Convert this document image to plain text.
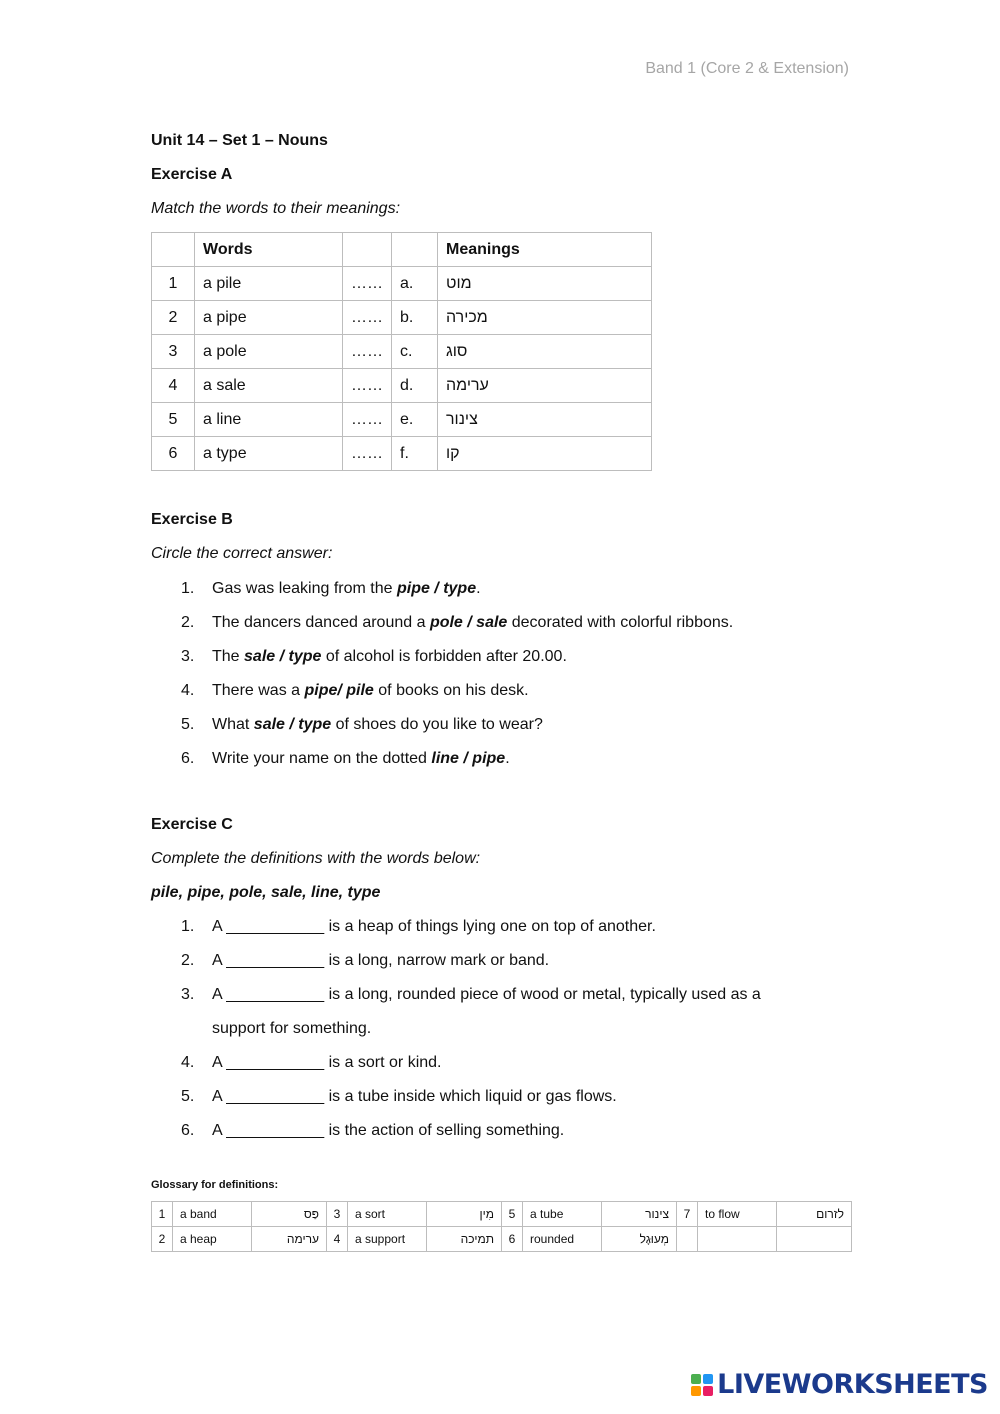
Band 1 (Core 2 & Extension)
Unit 14 – Set 1 – Nouns
Exercise A
Match the words to their meanings:
	Words			Meanings
1	a pile	……	a.	מוט
2	a pipe	……	b.	מכירה
3	a pole	……	c.	סוג
4	a sale	……	d.	ערימה
5	a line	……	e.	צינור
6	a type	……	f.	קו
Exercise B
Circle the correct answer:
1. Gas was leaking from the pipe / type.
2. The dancers danced around a pole / sale decorated with colorful ribbons.
3. The sale / type of alcohol is forbidden after 20.00.
4. There was a pipe/ pile of books on his desk.
5. What sale / type of shoes do you like to wear?
6. Write your name on the dotted line / pipe.
Exercise C
Complete the definitions with the words below:
pile, pipe, pole, sale, line, type
1. A ___________ is a heap of things lying one on top of another.
2. A ___________ is a long, narrow mark or band.
3. A ___________ is a long, rounded piece of wood or metal, typically used as a
support for something.
4. A ___________ is a sort or kind.
5. A ___________ is a tube inside which liquid or gas flows.
6. A ___________ is the action of selling something.
Glossary for definitions:
1	a band	פַּס	3	a sort	מִין	5	a tube	צינור	7	to flow	לזרום
2	a heap	ערימה	4	a support	תמיכה	6	rounded	מְעוּגָל			
LIVEWORKSHEETS
